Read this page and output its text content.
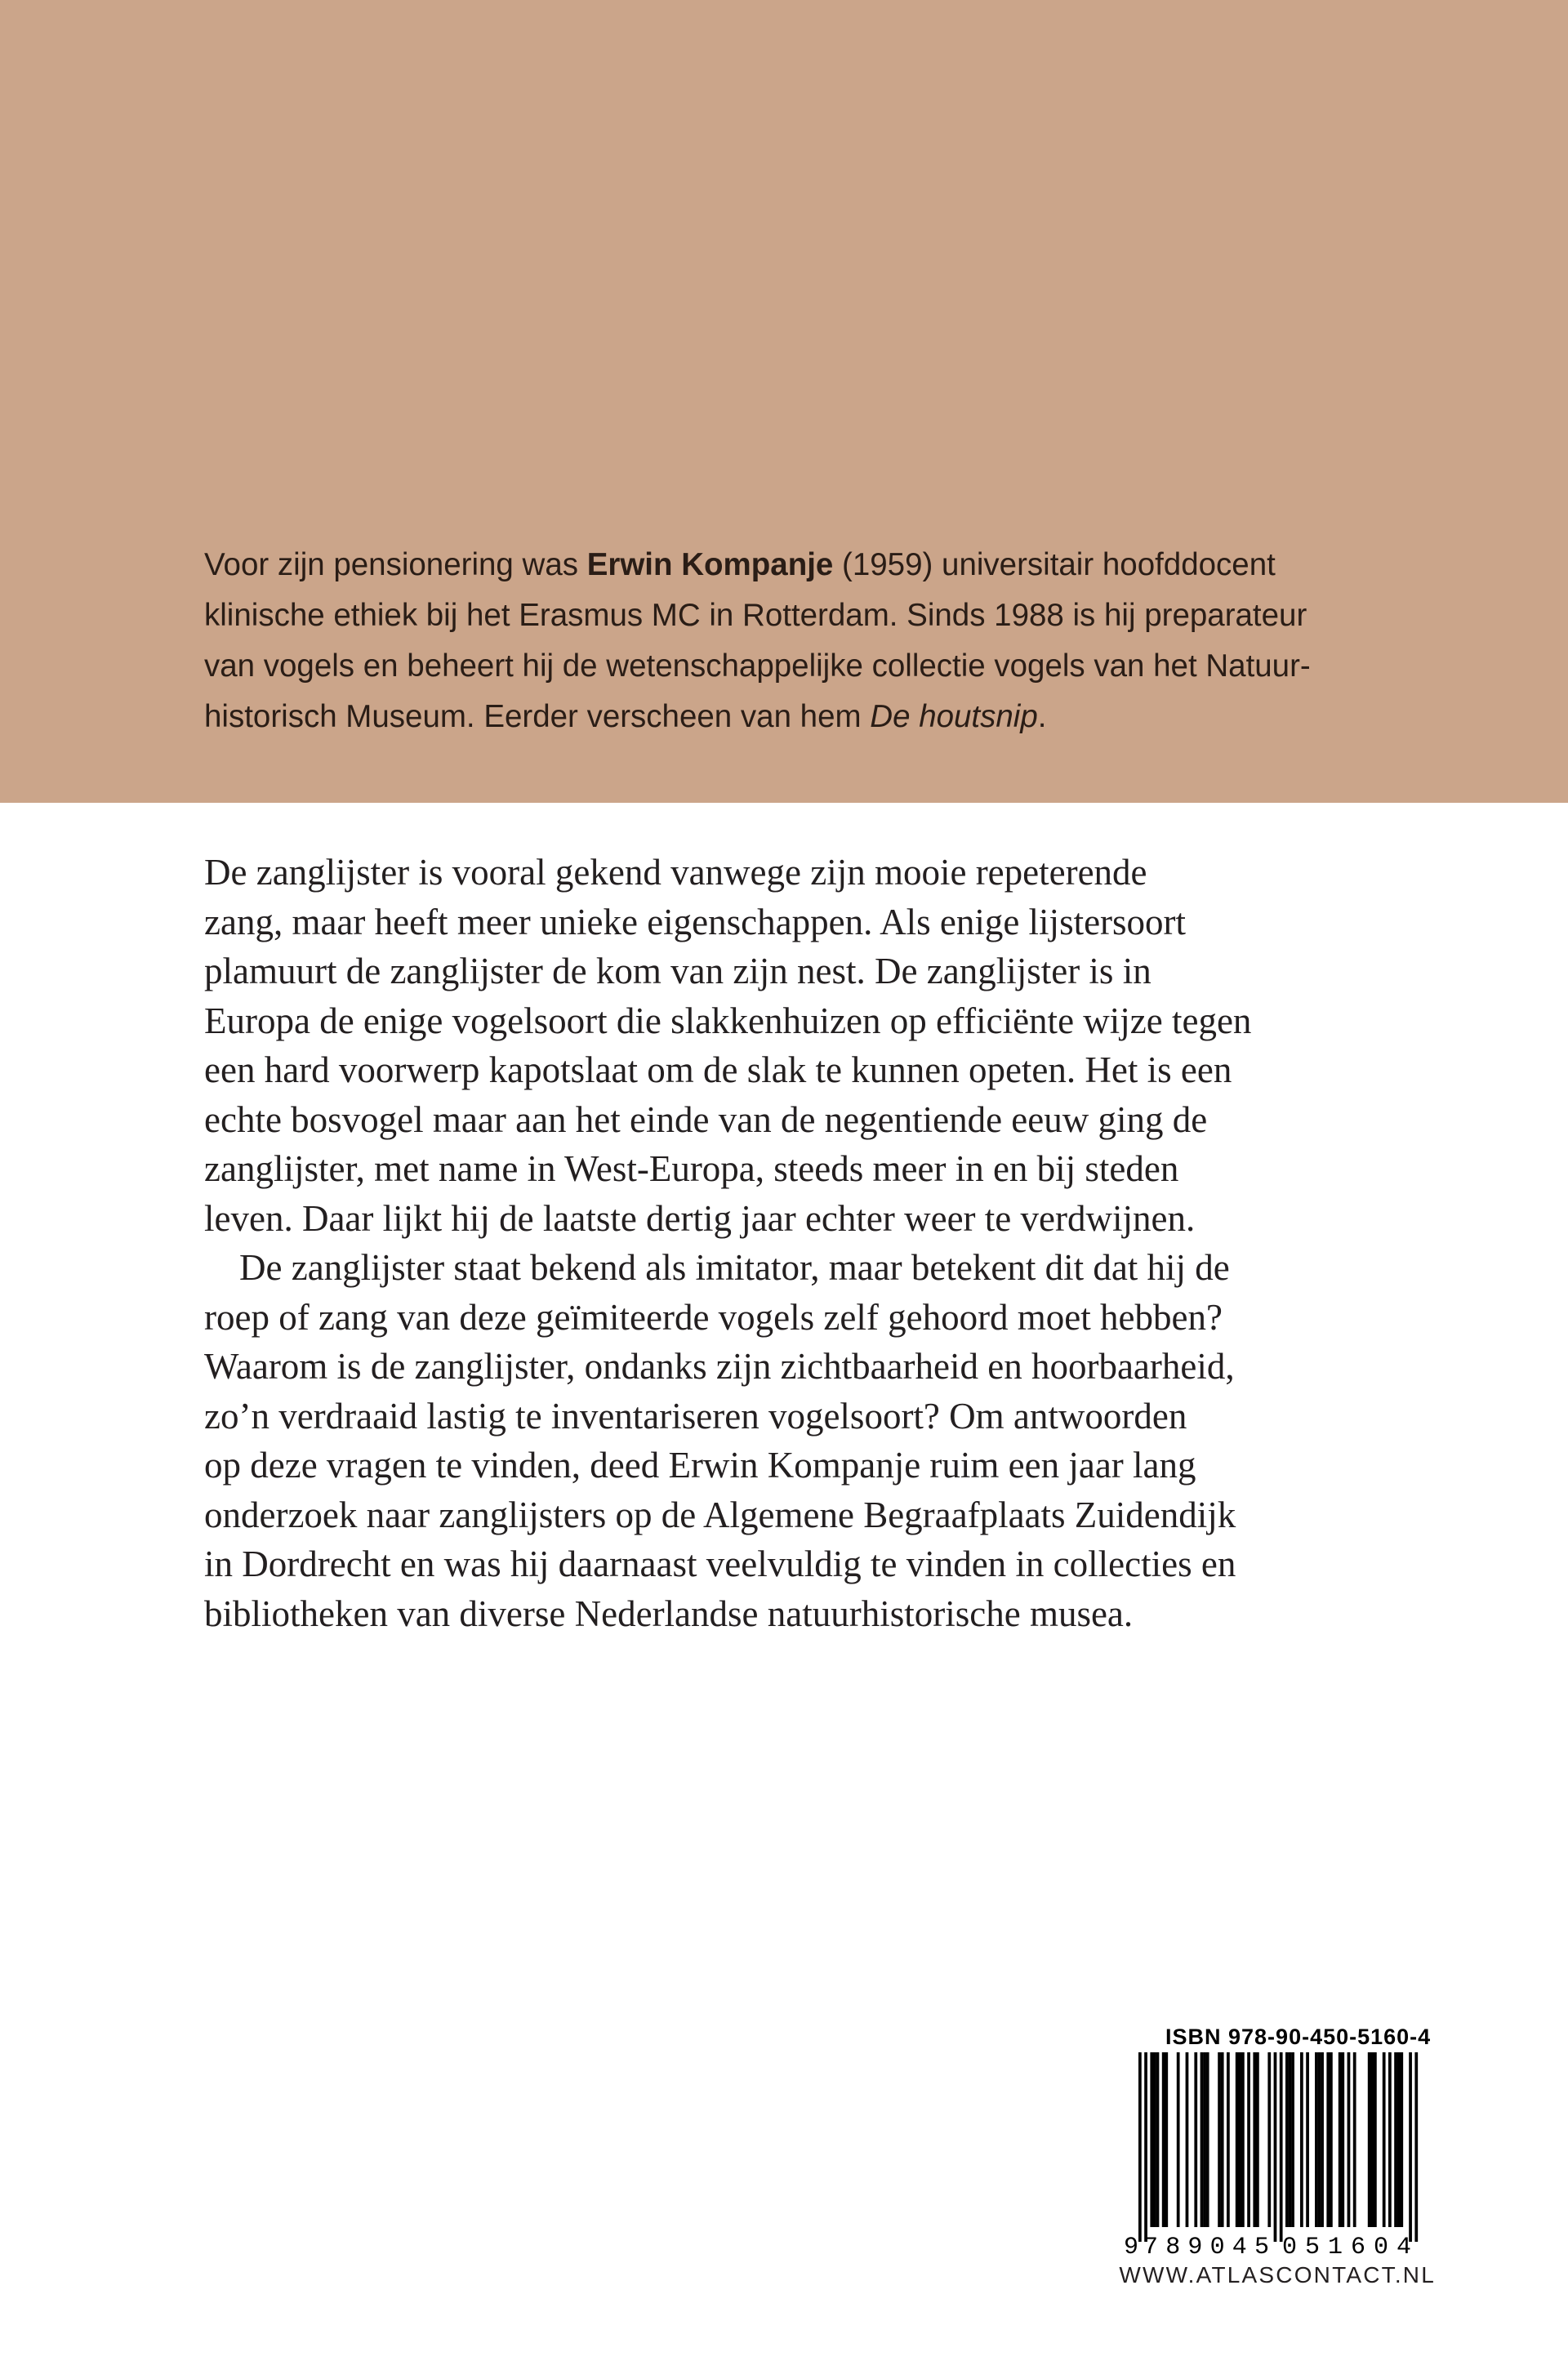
Voor zijn pensionering was Erwin Kompanje (1959) universitair hoofddocent
klinische ethiek bij het Erasmus MC in Rotterdam. Sinds 1988 is hij preparateur
van vogels en beheert hij de wetenschappelijke collectie vogels van het Natuur-
historisch Museum. Eerder verscheen van hem De houtsnip.
De zanglijster is vooral gekend vanwege zijn mooie repeterende
zang, maar heeft meer unieke eigenschappen. Als enige lijstersoort
plamuurt de zanglijster de kom van zijn nest. De zanglijster is in
Europa de enige vogelsoort die slakkenhuizen op efficiënte wijze tegen
een hard voorwerp kapotslaat om de slak te kunnen opeten. Het is een
echte bosvogel maar aan het einde van de negentiende eeuw ging de
zanglijster, met name in West-Europa, steeds meer in en bij steden
leven. Daar lijkt hij de laatste dertig jaar echter weer te verdwijnen.
De zanglijster staat bekend als imitator, maar betekent dit dat hij de
roep of zang van deze geïmiteerde vogels zelf gehoord moet hebben?
Waarom is de zanglijster, ondanks zijn zichtbaarheid en hoorbaarheid,
zo’n verdraaid lastig te inventariseren vogelsoort? Om antwoorden
op deze vragen te vinden, deed Erwin Kompanje ruim een jaar lang
onderzoek naar zanglijsters op de Algemene Begraafplaats Zuidendijk
in Dordrecht en was hij daarnaast veelvuldig te vinden in collecties en
bibliotheken van diverse Nederlandse natuurhistorische musea.
ISBN 978-90-450-5160-4
9 789045 051604
WWW.ATLASCONTACT.NL
